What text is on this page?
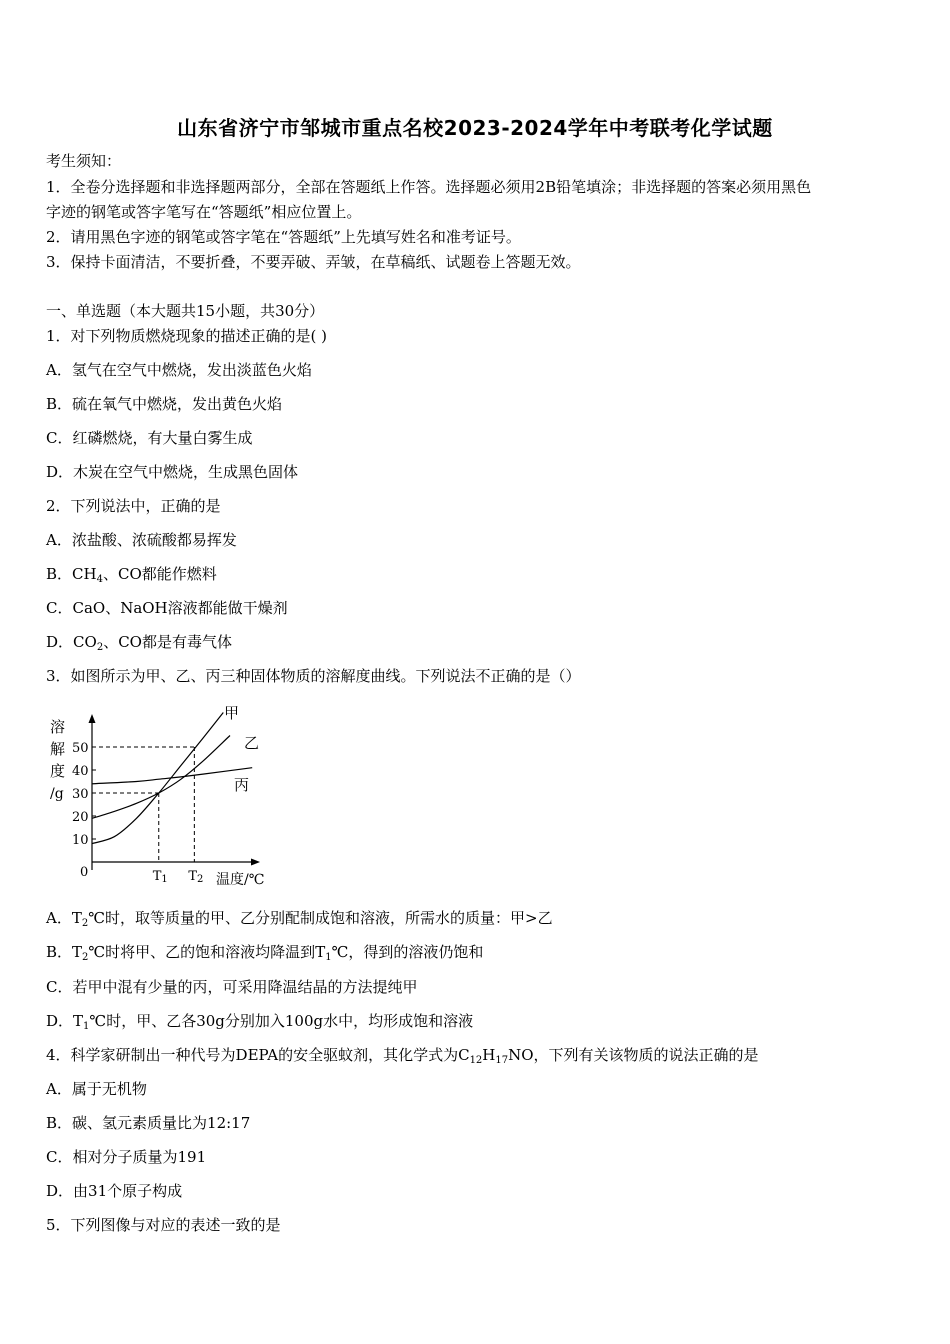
山东省济宁市邹城市重点名校2023-2024学年中考联考化学试题
考生须知：
1．全卷分选择题和非选择题两部分，全部在答题纸上作答。选择题必须用2B铅笔填涂；非选择题的答案必须用黑色
字迹的钢笔或答字笔写在“答题纸”相应位置上。
2．请用黑色字迹的钢笔或答字笔在“答题纸”上先填写姓名和准考证号。
3．保持卡面清洁，不要折叠，不要弄破、弄皱，在草稿纸、试题卷上答题无效。
一、单选题（本大题共15小题，共30分）
1．对下列物质燃烧现象的描述正确的是( )
A．氢气在空气中燃烧，发出淡蓝色火焰
B．硫在氧气中燃烧，发出黄色火焰
C．红磷燃烧，有大量白雾生成
D．木炭在空气中燃烧，生成黑色固体
2．下列说法中，正确的是
A．浓盐酸、浓硫酸都易挥发
B．$CH_4$、CO都能作燃料
C．CaO、NaOH溶液都能做干燥剂
D．$CO_2$、CO都是有毒气体
3．如图所示为甲、乙、丙三种固体物质的溶解度曲线。下列说法不正确的是（）
溶
解
度
/g
0	温度/℃
10
20
30
40
50
T1 T2
甲
乙
丙
A．$T_2℃$时，取等质量的甲、乙分别配制成饱和溶液，所需水的质量：甲>乙
B．$T_2℃$时将甲、乙的饱和溶液均降温到$T_1℃$，得到的溶液仍饱和
C．若甲中混有少量的丙，可采用降温结晶的方法提纯甲
D．$T_1℃$时，甲、乙各30g分别加入100g水中，均形成饱和溶液
4．科学家研制出一种代号为DEPA的安全驱蚊剂，其化学式为$C_{12}H_{17}NO$，下列有关该物质的说法正确的是
A．属于无机物
B．碳、氢元素质量比为12:17
C．相对分子质量为191
D．由31个原子构成
5．下列图像与对应的表述一致的是
